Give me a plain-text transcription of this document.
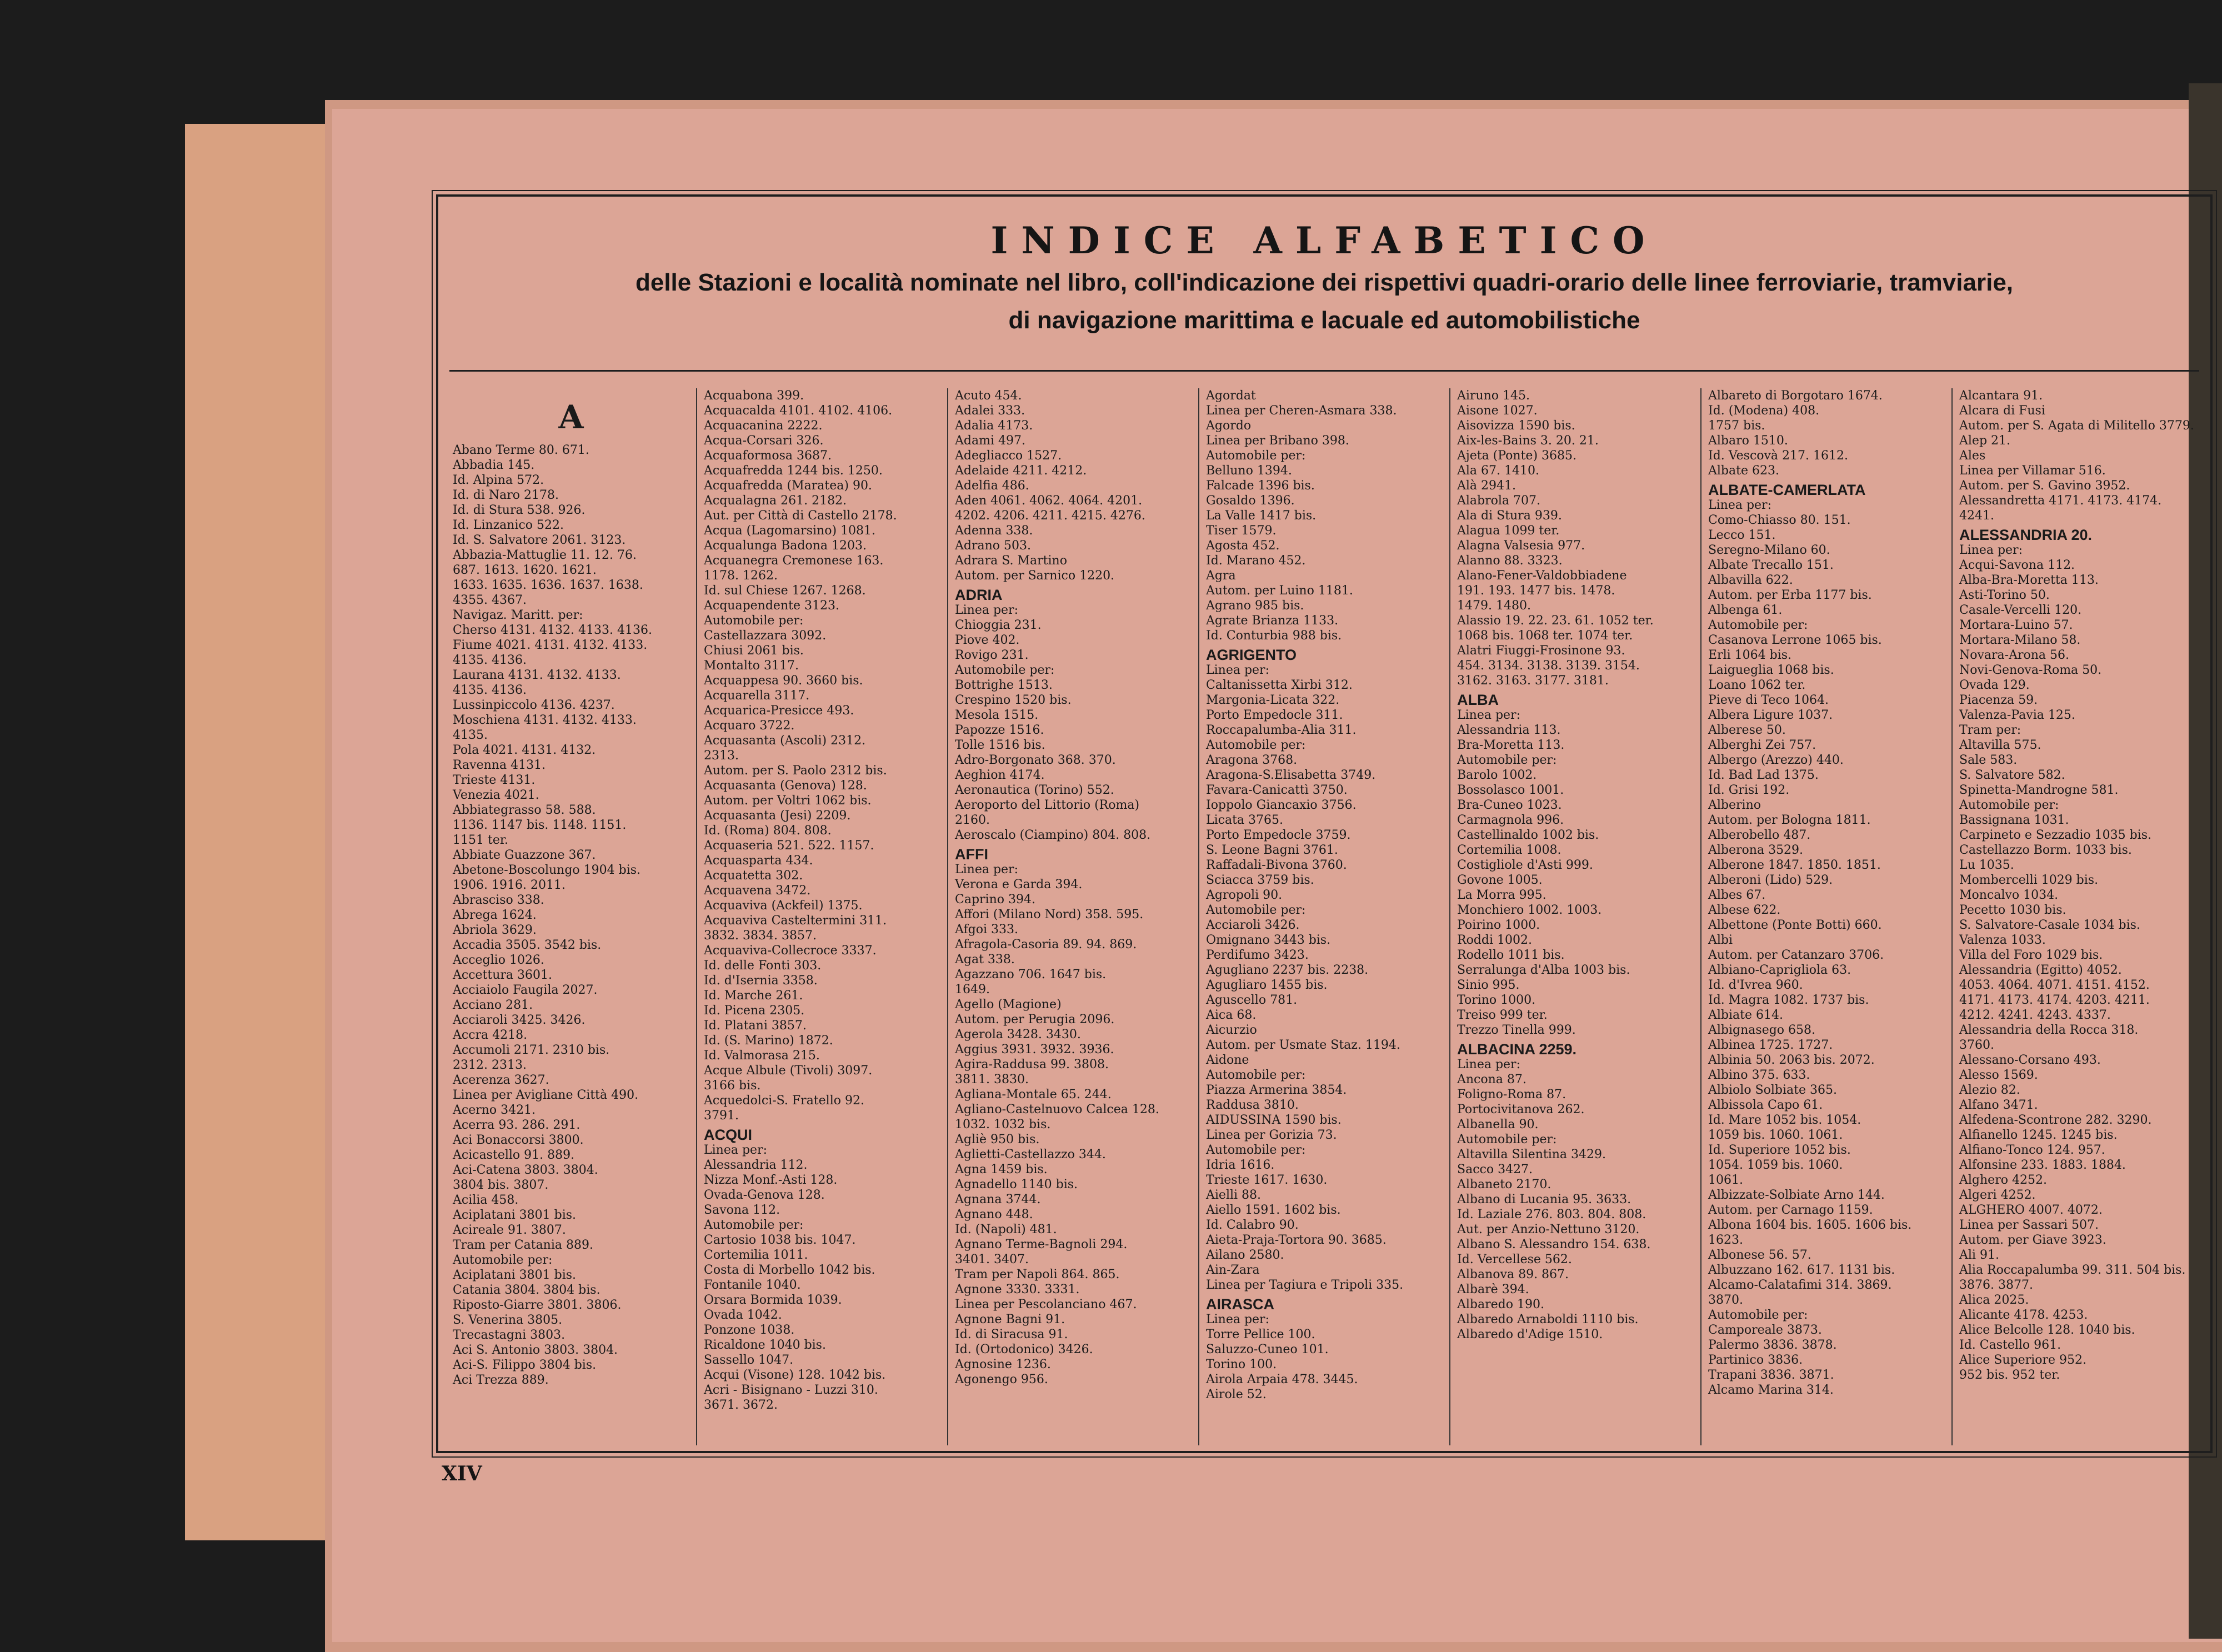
INDICE ALFABETICO
delle Stazioni e località nominate nel libro, coll'indicazione dei rispettivi quadri-orario delle linee ferroviarie, tramviarie,
di navigazione marittima e lacuale ed automobilistiche
A
Abano Terme 80. 671.
Abbadia 145.
Id. Alpina 572.
Id. di Naro 2178.
Id. di Stura 538. 926.
Id. Linzanico 522.
Id. S. Salvatore 2061. 3123.
Abbazia-Mattuglie 11. 12. 76.
687. 1613. 1620. 1621.
1633. 1635. 1636. 1637. 1638.
4355. 4367.
Navigaz. Maritt. per:
Cherso 4131. 4132. 4133. 4136.
Fiume 4021. 4131. 4132. 4133.
4135. 4136.
Laurana 4131. 4132. 4133.
4135. 4136.
Lussinpiccolo 4136. 4237.
Moschiena 4131. 4132. 4133.
4135.
Pola 4021. 4131. 4132.
Ravenna 4131.
Trieste 4131.
Venezia 4021.
Abbiategrasso 58. 588.
1136. 1147 bis. 1148. 1151.
1151 ter.
Abbiate Guazzone 367.
Abetone-Boscolungo 1904 bis.
1906. 1916. 2011.
Abrasciso 338.
Abrega 1624.
Abriola 3629.
Accadia 3505. 3542 bis.
Acceglio 1026.
Accettura 3601.
Acciaiolo Faugila 2027.
Acciano 281.
Acciaroli 3425. 3426.
Accra 4218.
Accumoli 2171. 2310 bis.
2312. 2313.
Acerenza 3627.
Linea per Avigliane Città 490.
Acerno 3421.
Acerra 93. 286. 291.
Aci Bonaccorsi 3800.
Acicastello 91. 889.
Aci-Catena 3803. 3804.
3804 bis. 3807.
Acilia 458.
Aciplatani 3801 bis.
Acireale 91. 3807.
Tram per Catania 889.
Automobile per:
Aciplatani 3801 bis.
Catania 3804. 3804 bis.
Riposto-Giarre 3801. 3806.
S. Venerina 3805.
Trecastagni 3803.
Aci S. Antonio 3803. 3804.
Aci-S. Filippo 3804 bis.
Aci Trezza 889.
Acquabona 399.
Acquacalda 4101. 4102. 4106.
Acquacanina 2222.
Acqua-Corsari 326.
Acquaformosa 3687.
Acquafredda 1244 bis. 1250.
Acquafredda (Maratea) 90.
Acqualagna 261. 2182.
Aut. per Città di Castello 2178.
Acqua (Lagomarsino) 1081.
Acqualunga Badona 1203.
Acquanegra Cremonese 163.
1178. 1262.
Id. sul Chiese 1267. 1268.
Acquapendente 3123.
Automobile per:
Castellazzara 3092.
Chiusi 2061 bis.
Montalto 3117.
Acquappesa 90. 3660 bis.
Acquarella 3117.
Acquarica-Presicce 493.
Acquaro 3722.
Acquasanta (Ascoli) 2312.
2313.
Autom. per S. Paolo 2312 bis.
Acquasanta (Genova) 128.
Autom. per Voltri 1062 bis.
Acquasanta (Jesi) 2209.
Id. (Roma) 804. 808.
Acquaseria 521. 522. 1157.
Acquasparta 434.
Acquatetta 302.
Acquavena 3472.
Acquaviva (Ackfeil) 1375.
Acquaviva Casteltermini 311.
3832. 3834. 3857.
Acquaviva-Collecroce 3337.
Id. delle Fonti 303.
Id. d'Isernia 3358.
Id. Marche 261.
Id. Picena 2305.
Id. Platani 3857.
Id. (S. Marino) 1872.
Id. Valmorasa 215.
Acque Albule (Tivoli) 3097.
3166 bis.
Acquedolci-S. Fratello 92.
3791.
ACQUI
Linea per:
Alessandria 112.
Nizza Monf.-Asti 128.
Ovada-Genova 128.
Savona 112.
Automobile per:
Cartosio 1038 bis. 1047.
Cortemilia 1011.
Costa di Morbello 1042 bis.
Fontanile 1040.
Orsara Bormida 1039.
Ovada 1042.
Ponzone 1038.
Ricaldone 1040 bis.
Sassello 1047.
Acqui (Visone) 128. 1042 bis.
Acri - Bisignano - Luzzi 310.
3671. 3672.
Acuto 454.
Adalei 333.
Adalia 4173.
Adami 497.
Adegliacco 1527.
Adelaide 4211. 4212.
Adelfia 486.
Aden 4061. 4062. 4064. 4201.
4202. 4206. 4211. 4215. 4276.
Adenna 338.
Adrano 503.
Adrara S. Martino
Autom. per Sarnico 1220.
ADRIA
Linea per:
Chioggia 231.
Piove 402.
Rovigo 231.
Automobile per:
Bottrighe 1513.
Crespino 1520 bis.
Mesola 1515.
Papozze 1516.
Tolle 1516 bis.
Adro-Borgonato 368. 370.
Aeghion 4174.
Aeronautica (Torino) 552.
Aeroporto del Littorio (Roma)
2160.
Aeroscalo (Ciampino) 804. 808.
AFFI
Linea per:
Verona e Garda 394.
Caprino 394.
Affori (Milano Nord) 358. 595.
Afgoi 333.
Afragola-Casoria 89. 94. 869.
Agat 338.
Agazzano 706. 1647 bis.
1649.
Agello (Magione)
Autom. per Perugia 2096.
Agerola 3428. 3430.
Aggius 3931. 3932. 3936.
Agira-Raddusa 99. 3808.
3811. 3830.
Agliana-Montale 65. 244.
Agliano-Castelnuovo Calcea 128.
1032. 1032 bis.
Agliè 950 bis.
Aglietti-Castellazzo 344.
Agna 1459 bis.
Agnadello 1140 bis.
Agnana 3744.
Agnano 448.
Id. (Napoli) 481.
Agnano Terme-Bagnoli 294.
3401. 3407.
Tram per Napoli 864. 865.
Agnone 3330. 3331.
Linea per Pescolanciano 467.
Agnone Bagni 91.
Id. di Siracusa 91.
Id. (Ortodonico) 3426.
Agnosine 1236.
Agonengo 956.
Agordat
Linea per Cheren-Asmara 338.
Agordo
Linea per Bribano 398.
Automobile per:
Belluno 1394.
Falcade 1396 bis.
Gosaldo 1396.
La Valle 1417 bis.
Tiser 1579.
Agosta 452.
Id. Marano 452.
Agra
Autom. per Luino 1181.
Agrano 985 bis.
Agrate Brianza 1133.
Id. Conturbia 988 bis.
AGRIGENTO
Linea per:
Caltanissetta Xirbi 312.
Margonia-Licata 322.
Porto Empedocle 311.
Roccapalumba-Alia 311.
Automobile per:
Aragona 3768.
Aragona-S.Elisabetta 3749.
Favara-Canicattì 3750.
Ioppolo Giancaxio 3756.
Licata 3765.
Porto Empedocle 3759.
S. Leone Bagni 3761.
Raffadali-Bivona 3760.
Sciacca 3759 bis.
Agropoli 90.
Automobile per:
Acciaroli 3426.
Omignano 3443 bis.
Perdifumo 3423.
Agugliano 2237 bis. 2238.
Agugliaro 1455 bis.
Aguscello 781.
Aica 68.
Aicurzio
Autom. per Usmate Staz. 1194.
Aidone
Automobile per:
Piazza Armerina 3854.
Raddusa 3810.
AIDUSSINA 1590 bis.
Linea per Gorizia 73.
Automobile per:
Idria 1616.
Trieste 1617. 1630.
Aielli 88.
Aiello 1591. 1602 bis.
Id. Calabro 90.
Aieta-Praja-Tortora 90. 3685.
Ailano 2580.
Ain-Zara
Linea per Tagiura e Tripoli 335.
AIRASCA
Linea per:
Torre Pellice 100.
Saluzzo-Cuneo 101.
Torino 100.
Airola Arpaia 478. 3445.
Airole 52.
Airuno 145.
Aisone 1027.
Aisovizza 1590 bis.
Aix-les-Bains 3. 20. 21.
Ajeta (Ponte) 3685.
Ala 67. 1410.
Alà 2941.
Alabrola 707.
Ala di Stura 939.
Alagua 1099 ter.
Alagna Valsesia 977.
Alanno 88. 3323.
Alano-Fener-Valdobbiadene
191. 193. 1477 bis. 1478.
1479. 1480.
Alassio 19. 22. 23. 61. 1052 ter.
1068 bis. 1068 ter. 1074 ter.
Alatri Fiuggi-Frosinone 93.
454. 3134. 3138. 3139. 3154.
3162. 3163. 3177. 3181.
ALBA
Linea per:
Alessandria 113.
Bra-Moretta 113.
Automobile per:
Barolo 1002.
Bossolasco 1001.
Bra-Cuneo 1023.
Carmagnola 996.
Castellinaldo 1002 bis.
Cortemilia 1008.
Costigliole d'Asti 999.
Govone 1005.
La Morra 995.
Monchiero 1002. 1003.
Poirino 1000.
Roddi 1002.
Rodello 1011 bis.
Serralunga d'Alba 1003 bis.
Sinio 995.
Torino 1000.
Treiso 999 ter.
Trezzo Tinella 999.
ALBACINA 2259.
Linea per:
Ancona 87.
Foligno-Roma 87.
Portocivitanova 262.
Albanella 90.
Automobile per:
Altavilla Silentina 3429.
Sacco 3427.
Albaneto 2170.
Albano di Lucania 95. 3633.
Id. Laziale 276. 803. 804. 808.
Aut. per Anzio-Nettuno 3120.
Albano S. Alessandro 154. 638.
Id. Vercellese 562.
Albanova 89. 867.
Albarè 394.
Albaredo 190.
Albaredo Arnaboldi 1110 bis.
Albaredo d'Adige 1510.
Albareto di Borgotaro 1674.
Id. (Modena) 408.
1757 bis.
Albaro 1510.
Id. Vescovà 217. 1612.
Albate 623.
ALBATE-CAMERLATA
Linea per:
Como-Chiasso 80. 151.
Lecco 151.
Seregno-Milano 60.
Albate Trecallo 151.
Albavilla 622.
Autom. per Erba 1177 bis.
Albenga 61.
Automobile per:
Casanova Lerrone 1065 bis.
Erli 1064 bis.
Laigueglia 1068 bis.
Loano 1062 ter.
Pieve di Teco 1064.
Albera Ligure 1037.
Alberese 50.
Alberghi Zei 757.
Albergo (Arezzo) 440.
Id. Bad Lad 1375.
Id. Grisi 192.
Alberino
Autom. per Bologna 1811.
Alberobello 487.
Alberona 3529.
Alberone 1847. 1850. 1851.
Alberoni (Lido) 529.
Albes 67.
Albese 622.
Albettone (Ponte Botti) 660.
Albi
Autom. per Catanzaro 3706.
Albiano-Caprigliola 63.
Id. d'Ivrea 960.
Id. Magra 1082. 1737 bis.
Albiate 614.
Albignasego 658.
Albinea 1725. 1727.
Albinia 50. 2063 bis. 2072.
Albino 375. 633.
Albiolo Solbiate 365.
Albissola Capo 61.
Id. Mare 1052 bis. 1054.
1059 bis. 1060. 1061.
Id. Superiore 1052 bis.
1054. 1059 bis. 1060.
1061.
Albizzate-Solbiate Arno 144.
Autom. per Carnago 1159.
Albona 1604 bis. 1605. 1606 bis.
1623.
Albonese 56. 57.
Albuzzano 162. 617. 1131 bis.
Alcamo-Calatafimi 314. 3869.
3870.
Automobile per:
Camporeale 3873.
Palermo 3836. 3878.
Partinico 3836.
Trapani 3836. 3871.
Alcamo Marina 314.
Alcantara 91.
Alcara di Fusi
Autom. per S. Agata di Militello 3779.
Alep 21.
Ales
Linea per Villamar 516.
Autom. per S. Gavino 3952.
Alessandretta 4171. 4173. 4174.
4241.
ALESSANDRIA 20.
Linea per:
Acqui-Savona 112.
Alba-Bra-Moretta 113.
Asti-Torino 50.
Casale-Vercelli 120.
Mortara-Luino 57.
Mortara-Milano 58.
Novara-Arona 56.
Novi-Genova-Roma 50.
Ovada 129.
Piacenza 59.
Valenza-Pavia 125.
Tram per:
Altavilla 575.
Sale 583.
S. Salvatore 582.
Spinetta-Mandrogne 581.
Automobile per:
Bassignana 1031.
Carpineto e Sezzadio 1035 bis.
Castellazzo Borm. 1033 bis.
Lu 1035.
Mombercelli 1029 bis.
Moncalvo 1034.
Pecetto 1030 bis.
S. Salvatore-Casale 1034 bis.
Valenza 1033.
Villa del Foro 1029 bis.
Alessandria (Egitto) 4052.
4053. 4064. 4071. 4151. 4152.
4171. 4173. 4174. 4203. 4211.
4212. 4241. 4243. 4337.
Alessandria della Rocca 318.
3760.
Alessano-Corsano 493.
Alesso 1569.
Alezio 82.
Alfano 3471.
Alfedena-Scontrone 282. 3290.
Alfianello 1245. 1245 bis.
Alfiano-Tonco 124. 957.
Alfonsine 233. 1883. 1884.
Alghero 4252.
Algeri 4252.
ALGHERO 4007. 4072.
Linea per Sassari 507.
Autom. per Giave 3923.
Ali 91.
Alia Roccapalumba 99. 311. 504 bis.
3876. 3877.
Alica 2025.
Alicante 4178. 4253.
Alice Belcolle 128. 1040 bis.
Id. Castello 961.
Alice Superiore 952.
952 bis. 952 ter.
XIV
